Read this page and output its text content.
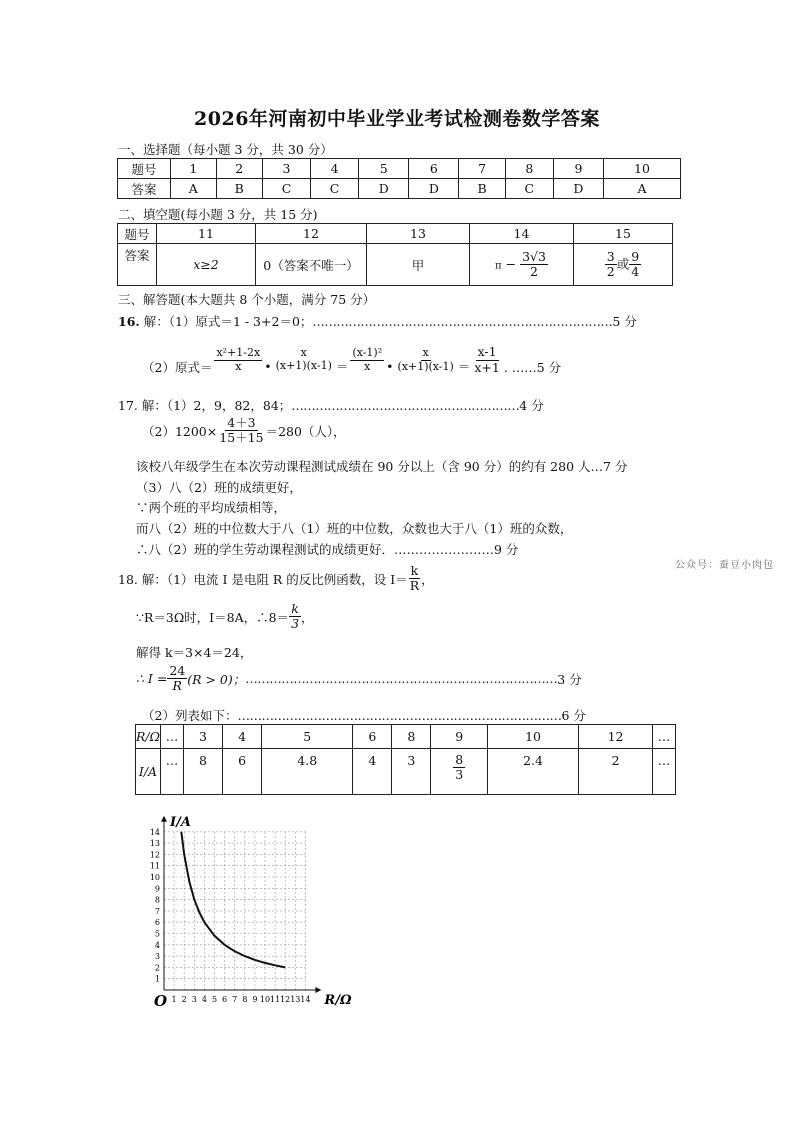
2026年河南初中毕业学业考试检测卷数学答案
一、选择题（每小题 3 分，共 30 分）
题号	1	2	3	4	5	6	7	8	9	10
答案	A	B	C	C	D	D	B	C	D	A
二、填空题(每小题 3 分，共 15 分)
题号	11	12	13	14	15
答案	x≥2	0（答案不唯一）	甲	$\pi - \frac{3√3}{2}$	$\frac{3}{2}$ 或 $\frac{9}{4}$
三、解答题(本大题共 8 个小题，满分 75 分）
16. 解：（1）原式＝1 - 3+2＝0；…………………………………………………………………5 分
（2）原式＝ $\frac{\text{x²+1-2x}}{x}$ •
x
$(x+1)(x-1) = \frac{\text{(x-1)²}}{x}$ • $\frac{x}{(x+1)(x-1)} = \frac{x-1}{x+1}$ . ……5 分
17. 解：（1）2，9，82，84；…………………………………………………4 分
$(2)1200\times \frac{4+3}{15+15} =280$（人），
该校八年级学生在本次劳动课程测试成绩在 90 分以上（含 90 分）的约有 280 人…7 分
（3）八（2）班的成绩更好，
∵两个班的平均成绩相等，
而八（2）班的中位数大于八（1）班的中位数，众数也大于八（1）班的众数，
∴八（2）班的学生劳动课程测试的成绩更好．……………………9 分
公众号：蚕豆小肉包
18. 解：（1）电流 I 是电阻 R 的反比例函数，设 $I= \frac{k}{R}$ ，
∵R＝3Ω时，I＝8A，∴8＝ $\frac{k}{3}$ ，
解得 k＝3×4＝24，
∴ $I = \frac{24}{R} (R > 0)$； …………………………………………………………………… 3 分
（2）列表如下：………………………………………………………………………6 分
R/Ω	…	3	4	5	6	8	9	10	12	…
I/A	…	8	6	4.8	4	3	$\frac{8}{3}$	2.4	2	…
1 2 3 4 5 6 7 8 9 10 11 12 13 14
1
2
3
4
5
6
7
8
9
10
11
12
13
14
O	R/Ω
I/A
